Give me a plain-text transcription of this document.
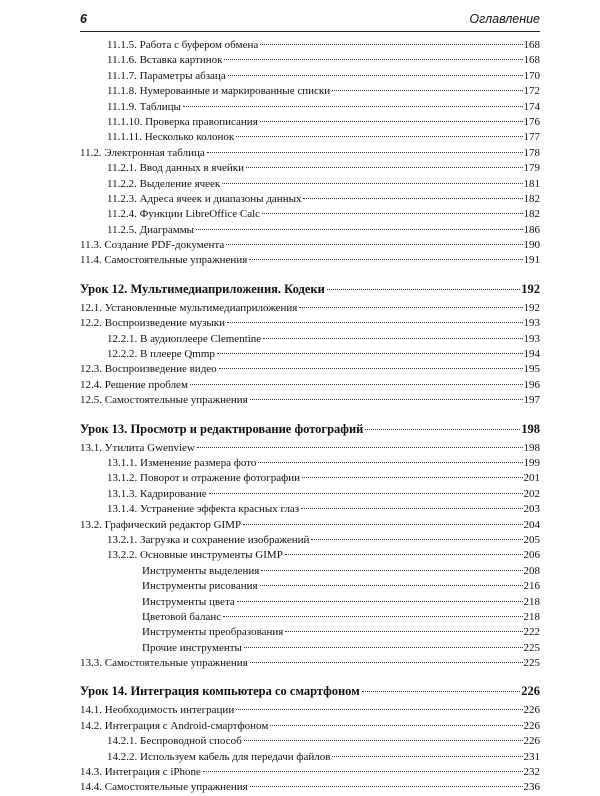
6	Оглавление
11.1.5. Работа с буфером обмена	168
11.1.6. Вставка картинок	168
11.1.7. Параметры абзаца	170
11.1.8. Нумерованные и маркированные списки	172
11.1.9. Таблицы	174
11.1.10. Проверка правописания	176
11.1.11. Несколько колонок	177
11.2. Электронная таблица	178
11.2.1. Ввод данных в ячейки	179
11.2.2. Выделение ячеек	181
11.2.3. Адреса ячеек и диапазоны данных	182
11.2.4. Функции LibreOffice Calc	182
11.2.5. Диаграммы	186
11.3. Создание PDF-документа	190
11.4. Самостоятельные упражнения	191
Урок 12. Мультимедиаприложения. Кодеки	192
12.1. Установленные мультимедиаприложения	192
12.2. Воспроизведение музыки	193
12.2.1. В аудиоплеере Clementine	193
12.2.2. В плеере Qmmp	194
12.3. Воспроизведение видео	195
12.4. Решение проблем	196
12.5. Самостоятельные упражнения	197
Урок 13. Просмотр и редактирование фотографий	198
13.1. Утилита Gwenview	198
13.1.1. Изменение размера фото	199
13.1.2. Поворот и отражение фотографии	201
13.1.3. Кадрирование	202
13.1.4. Устранение эффекта красных глаз	203
13.2. Графический редактор GIMP	204
13.2.1. Загрузка и сохранение изображений	205
13.2.2. Основные инструменты GIMP	206
Инструменты выделения	208
Инструменты рисования	216
Инструменты цвета	218
Цветовой баланс	218
Инструменты преобразования	222
Прочие инструменты	225
13.3. Самостоятельные упражнения	225
Урок 14. Интеграция компьютера со смартфоном	226
14.1. Необходимость интеграции	226
14.2. Интеграция с Android-смартфоном	226
14.2.1. Беспроводной способ	226
14.2.2. Используем кабель для передачи файлов	231
14.3. Интеграция с iPhone	232
14.4. Самостоятельные упражнения	236
